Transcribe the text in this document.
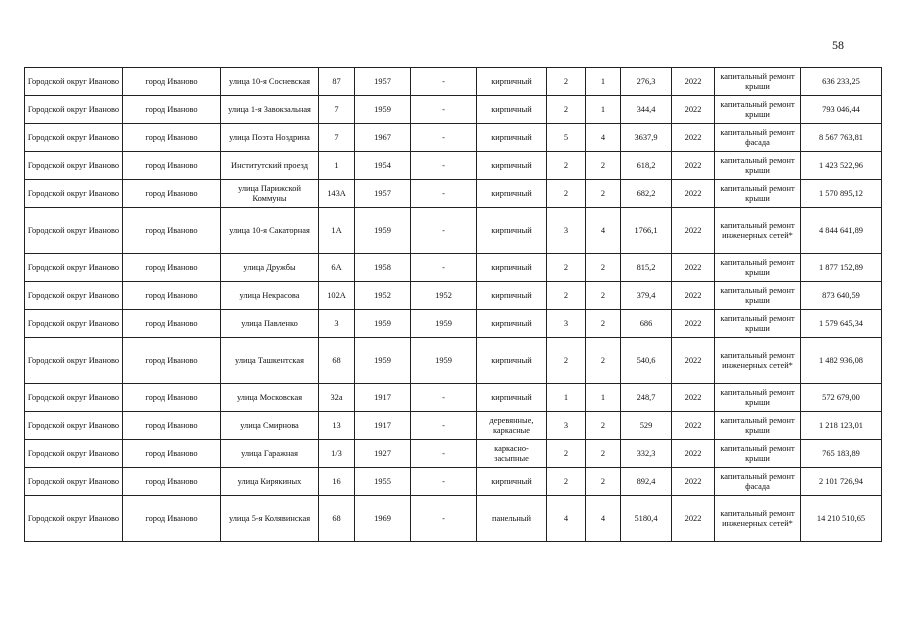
58
Городской округ Иваново	город Иваново	улица 10-я Сосневская	87	1957	-	кирпичный	2	1	276,3	2022	капитальный ремонт крыши	636 233,25
Городской округ Иваново	город Иваново	улица 1-я Завокзальная	7	1959	-	кирпичный	2	1	344,4	2022	капитальный ремонт крыши	793 046,44
Городской округ Иваново	город Иваново	улица Поэта Ноздрина	7	1967	-	кирпичный	5	4	3637,9	2022	капитальный ремонт фасада	8 567 763,81
Городской округ Иваново	город Иваново	Институтский проезд	1	1954	-	кирпичный	2	2	618,2	2022	капитальный ремонт крыши	1 423 522,96
Городской округ Иваново	город Иваново	улица Парижской Коммуны	143А	1957	-	кирпичный	2	2	682,2	2022	капитальный ремонт крыши	1 570 895,12
Городской округ Иваново	город Иваново	улица 10-я Сакаторная	1А	1959	-	кирпичный	3	4	1766,1	2022	капитальный ремонт инженерных сетей*	4 844 641,89
Городской округ Иваново	город Иваново	улица Дружбы	6А	1958	-	кирпичный	2	2	815,2	2022	капитальный ремонт крыши	1 877 152,89
Городской округ Иваново	город Иваново	улица Некрасова	102А	1952	1952	кирпичный	2	2	379,4	2022	капитальный ремонт крыши	873 640,59
Городской округ Иваново	город Иваново	улица Павленко	3	1959	1959	кирпичный	3	2	686	2022	капитальный ремонт крыши	1 579 645,34
Городской округ Иваново	город Иваново	улица Ташкентская	68	1959	1959	кирпичный	2	2	540,6	2022	капитальный ремонт инженерных сетей*	1 482 936,08
Городской округ Иваново	город Иваново	улица Московская	32а	1917	-	кирпичный	1	1	248,7	2022	капитальный ремонт крыши	572 679,00
Городской округ Иваново	город Иваново	улица Смирнова	13	1917	-	деревянные, каркасные	3	2	529	2022	капитальный ремонт крыши	1 218 123,01
Городской округ Иваново	город Иваново	улица Гаражная	1/3	1927	-	каркасно-засыпные	2	2	332,3	2022	капитальный ремонт крыши	765 183,89
Городской округ Иваново	город Иваново	улица Кирякиных	16	1955	-	кирпичный	2	2	892,4	2022	капитальный ремонт фасада	2 101 726,94
Городской округ Иваново	город Иваново	улица 5-я Колявинская	68	1969	-	панельный	4	4	5180,4	2022	капитальный ремонт инженерных сетей*	14 210 510,65
